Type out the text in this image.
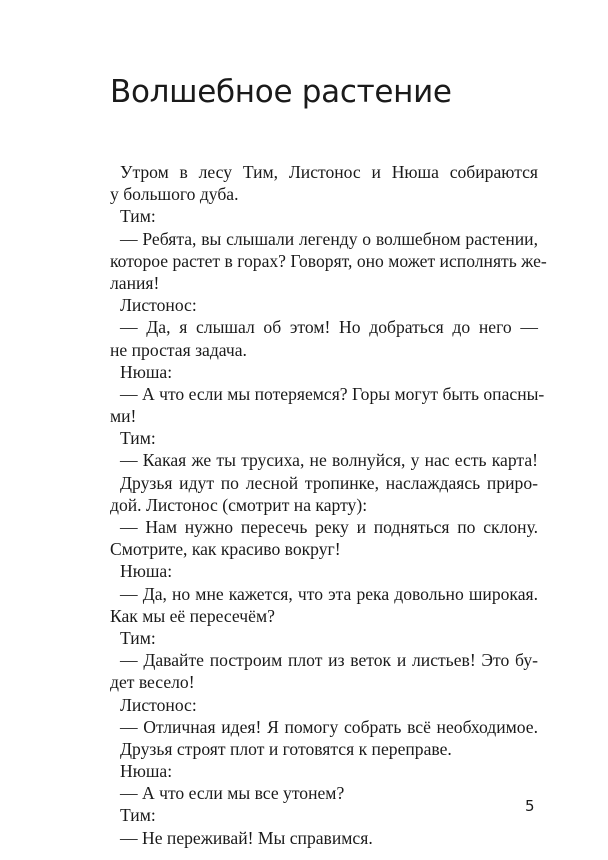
Волшебное растение
Утром в лесу Тим, Листонос и Нюша собираются
у большого дуба.
Тим:
— Ребята, вы слышали легенду о волшебном растении,
которое растет в горах? Говорят, оно может исполнять же-
лания!
Листонос:
— Да, я слышал об этом! Но добраться до него —
не простая задача.
Нюша:
— А что если мы потеряемся? Горы могут быть опасны-
ми!
Тим:
— Какая же ты трусиха, не волнуйся, у нас есть карта!
Друзья идут по лесной тропинке, наслаждаясь приро-
дой. Листонос (смотрит на карту):
— Нам нужно пересечь реку и подняться по склону.
Смотрите, как красиво вокруг!
Нюша:
— Да, но мне кажется, что эта река довольно широкая.
Как мы её пересечём?
Тим:
— Давайте построим плот из веток и листьев! Это бу-
дет весело!
Листонос:
— Отличная идея! Я помогу собрать всё необходимое.
Друзья строят плот и готовятся к переправе.
Нюша:
— А что если мы все утонем?
Тим:
— Не переживай! Мы справимся.
5
